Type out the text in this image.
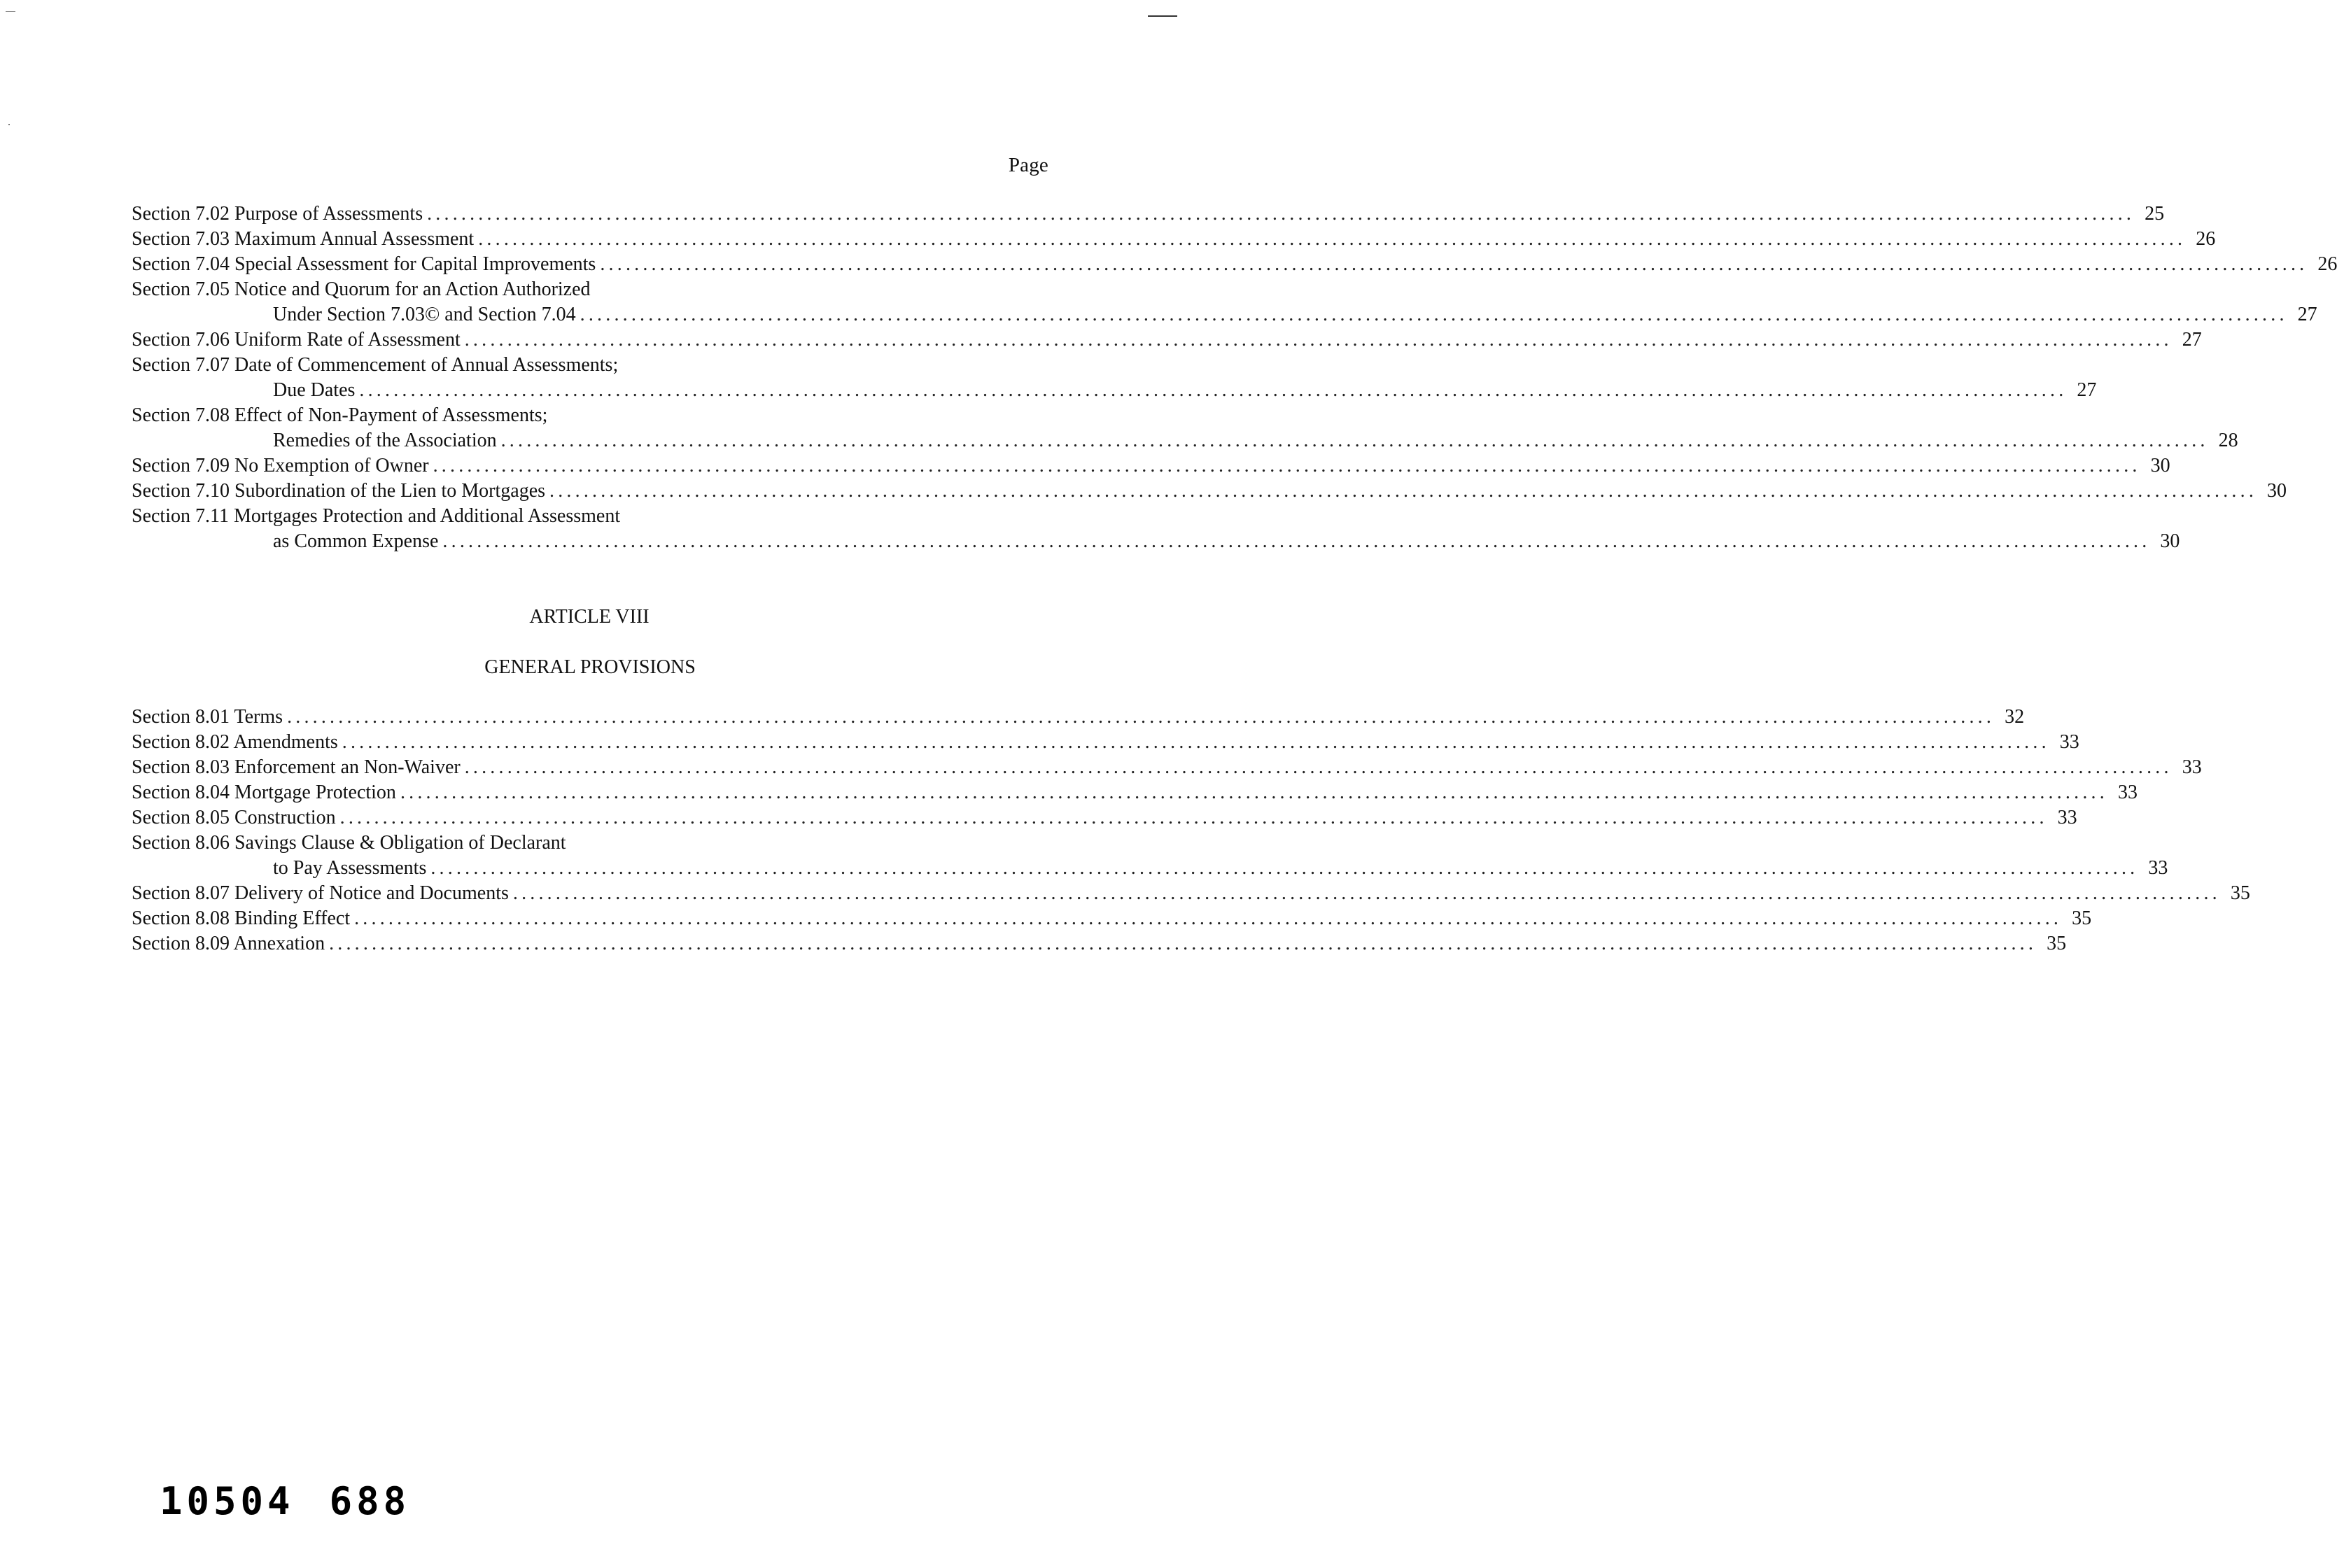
Page
Section 7.02 Purpose of Assessments ........................................................................................................................................................................................................ 25
Section 7.03 Maximum Annual Assessment ........................................................................................................................................................................................................ 26
Section 7.04 Special Assessment for Capital Improvements ........................................................................................................................................................................................................ 26
Section 7.05 Notice and Quorum for an Action Authorized
Under Section 7.03© and Section 7.04 ........................................................................................................................................................................................................ 27
Section 7.06 Uniform Rate of Assessment ........................................................................................................................................................................................................ 27
Section 7.07 Date of Commencement of Annual Assessments;
Due Dates ........................................................................................................................................................................................................ 27
Section 7.08 Effect of Non-Payment of Assessments;
Remedies of the Association ........................................................................................................................................................................................................ 28
Section 7.09 No Exemption of Owner ........................................................................................................................................................................................................ 30
Section 7.10 Subordination of the Lien to Mortgages ........................................................................................................................................................................................................ 30
Section 7.11 Mortgages Protection and Additional Assessment
as Common Expense ........................................................................................................................................................................................................ 30
ARTICLE VIII
GENERAL PROVISIONS
Section 8.01 Terms ........................................................................................................................................................................................................ 32
Section 8.02 Amendments ........................................................................................................................................................................................................ 33
Section 8.03 Enforcement an Non-Waiver ........................................................................................................................................................................................................ 33
Section 8.04 Mortgage Protection ........................................................................................................................................................................................................ 33
Section 8.05 Construction ........................................................................................................................................................................................................ 33
Section 8.06 Savings Clause & Obligation of Declarant
to Pay Assessments ........................................................................................................................................................................................................ 33
Section 8.07 Delivery of Notice and Documents ........................................................................................................................................................................................................ 35
Section 8.08 Binding Effect ........................................................................................................................................................................................................ 35
Section 8.09 Annexation ........................................................................................................................................................................................................ 35
10504 688
